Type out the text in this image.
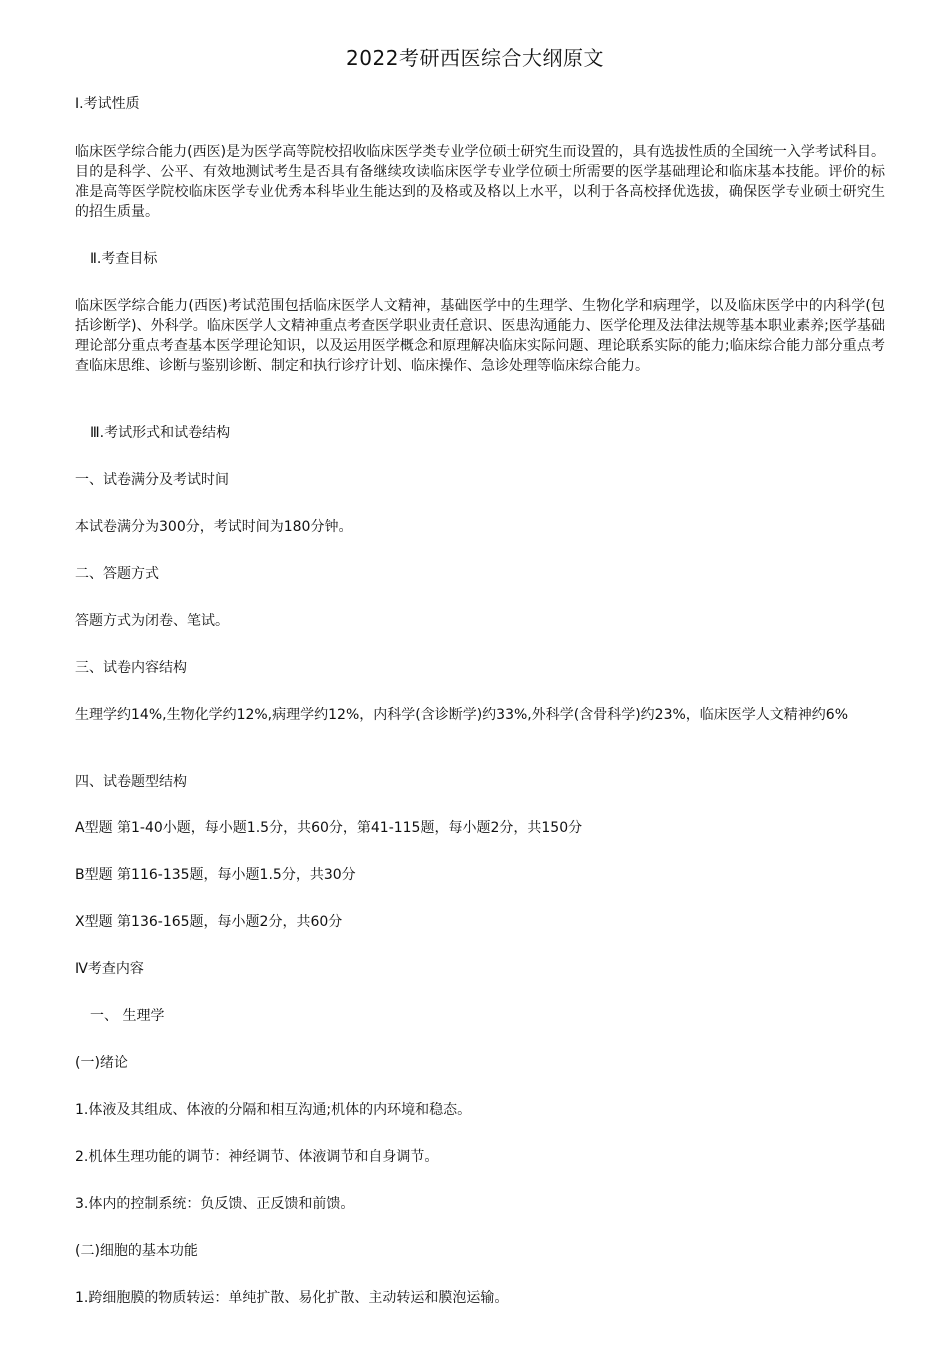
2022考研西医综合大纲原文
Ⅰ.考试性质
临床医学综合能力(西医)是为医学高等院校招收临床医学类专业学位硕士研究生而设置的，具有选拔性质的全国统一入学考试科目。目的是科学、公平、有效地测试考生是否具有备继续攻读临床医学专业学位硕士所需要的医学基础理论和临床基本技能。评价的标准是高等医学院校临床医学专业优秀本科毕业生能达到的及格或及格以上水平，以利于各高校择优选拔，确保医学专业硕士研究生的招生质量。
Ⅱ.考查目标
临床医学综合能力(西医)考试范围包括临床医学人文精神，基础医学中的生理学、生物化学和病理学，以及临床医学中的内科学(包括诊断学)、外科学。临床医学人文精神重点考查医学职业责任意识、医患沟通能力、医学伦理及法律法规等基本职业素养;医学基础理论部分重点考查基本医学理论知识，以及运用医学概念和原理解决临床实际问题、理论联系实际的能力;临床综合能力部分重点考查临床思维、诊断与鉴别诊断、制定和执行诊疗计划、临床操作、急诊处理等临床综合能力。
Ⅲ.考试形式和试卷结构
一、试卷满分及考试时间
本试卷满分为300分，考试时间为180分钟。
二、答题方式
答题方式为闭卷、笔试。
三、试卷内容结构
生理学约14%,生物化学约12%,病理学约12%，内科学(含诊断学)约33%,外科学(含骨科学)约23%，临床医学人文精神约6%
四、试卷题型结构
A型题 第1-40小题，每小题1.5分，共60分，第41-115题，每小题2分，共150分
B型题 第116-135题，每小题1.5分，共30分
X型题 第136-165题，每小题2分，共60分
Ⅳ考查内容
一、 生理学
(一)绪论
1.体液及其组成、体液的分隔和相互沟通;机体的内环境和稳态。
2.机体生理功能的调节：神经调节、体液调节和自身调节。
3.体内的控制系统：负反馈、正反馈和前馈。
(二)细胞的基本功能
1.跨细胞膜的物质转运：单纯扩散、易化扩散、主动转运和膜泡运输。
